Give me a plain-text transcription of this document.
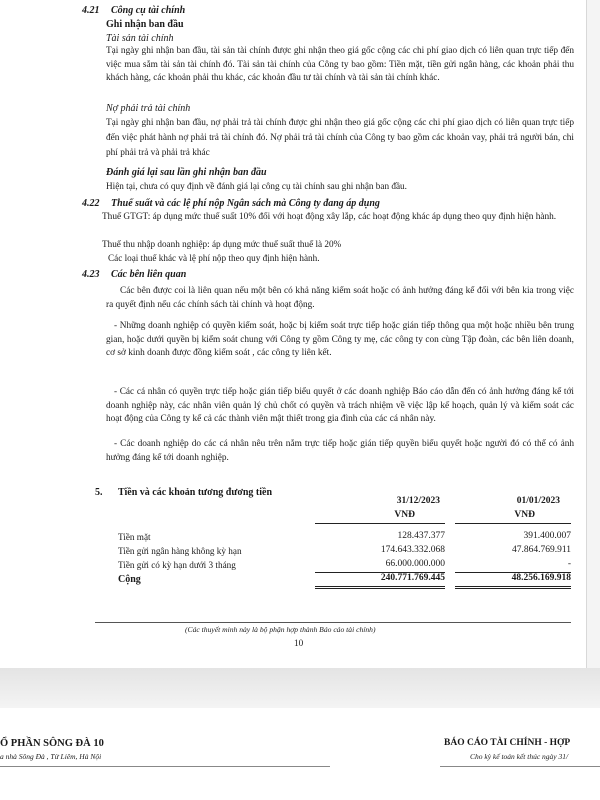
4.21 Công cụ tài chính
Ghi nhận ban đầu
Tài sản tài chính
Tại ngày ghi nhận ban đầu, tài sản tài chính được ghi nhận theo giá gốc cộng các chi phí giao dịch có liên quan trực tiếp đến việc mua sắm tài sản tài chính đó. Tài sản tài chính của Công ty bao gồm: Tiền mặt, tiền gửi ngân hàng, các khoản phải thu khách hàng, các khoản phải thu khác, các khoản đầu tư tài chính và tài sản tài chính khác.
Nợ phải trả tài chính
Tại ngày ghi nhận ban đầu, nợ phải trả tài chính được ghi nhận theo giá gốc cộng các chi phí giao dịch có liên quan trực tiếp đến việc phát hành nợ phải trả tài chính đó. Nợ phải trả tài chính của Công ty bao gồm các khoản vay, phải trả người bán, chi phí phải trả và phải trả khác
Đánh giá lại sau lần ghi nhận ban đầu
Hiện tại, chưa có quy định về đánh giá lại công cụ tài chính sau ghi nhận ban đầu.
4.22 Thuế suất và các lệ phí nộp Ngân sách mà Công ty đang áp dụng
Thuế GTGT: áp dụng mức thuế suất 10% đối với hoạt động xây lắp, các hoạt động khác áp dụng theo quy định hiện hành.
Thuế thu nhập doanh nghiệp: áp dụng mức thuế suất thuế là 20%
Các loại thuế khác và lệ phí nộp theo quy định hiện hành.
4.23 Các bên liên quan
Các bên được coi là liên quan nếu một bên có khả năng kiểm soát hoặc có ảnh hưởng đáng kể đối với bên kia trong việc ra quyết định nếu các chính sách tài chính và hoạt động.
- Những doanh nghiệp có quyền kiểm soát, hoặc bị kiểm soát trực tiếp hoặc gián tiếp thông qua một hoặc nhiều bên trung gian, hoặc dưới quyền bị kiểm soát chung với Công ty gồm Công ty mẹ, các công ty con cùng Tập đoàn, các bên liên doanh, cơ sở kinh doanh được đồng kiểm soát , các công ty liên kết.
- Các cá nhân có quyền trực tiếp hoặc gián tiếp biểu quyết ở các doanh nghiệp Báo cáo dẫn đến có ảnh hưởng đáng kể tới doanh nghiệp này, các nhân viên quản lý chủ chốt có quyền và trách nhiệm về việc lập kế hoạch, quản lý và kiểm soát các hoạt động của Công ty kể cả các thành viên mật thiết trong gia đình của các cá nhân này.
- Các doanh nghiệp do các cá nhân nêu trên nắm trực tiếp hoặc gián tiếp quyền biểu quyết hoặc người đó có thể có ảnh hưởng đáng kể tới doanh nghiệp.
5. Tiền và các khoản tương đương tiền
31/12/2023	01/01/2023
VNĐ	VNĐ
Tiền mặt	128.437.377	391.400.007
Tiền gửi ngân hàng không kỳ hạn	174.643.332.068	47.864.769.911
Tiền gửi có kỳ hạn dưới 3 tháng	66.000.000.000	-
Cộng	240.771.769.445	48.256.169.918
(Các thuyết minh này là bộ phận hợp thành Báo cáo tài chính)
10
Ổ PHẦN SÔNG ĐÀ 10
a nhà Sông Đà , Từ Liêm, Hà Nội
BÁO CÁO TÀI CHÍNH - HỢP
Cho kỳ kế toán kết thúc ngày 31/
